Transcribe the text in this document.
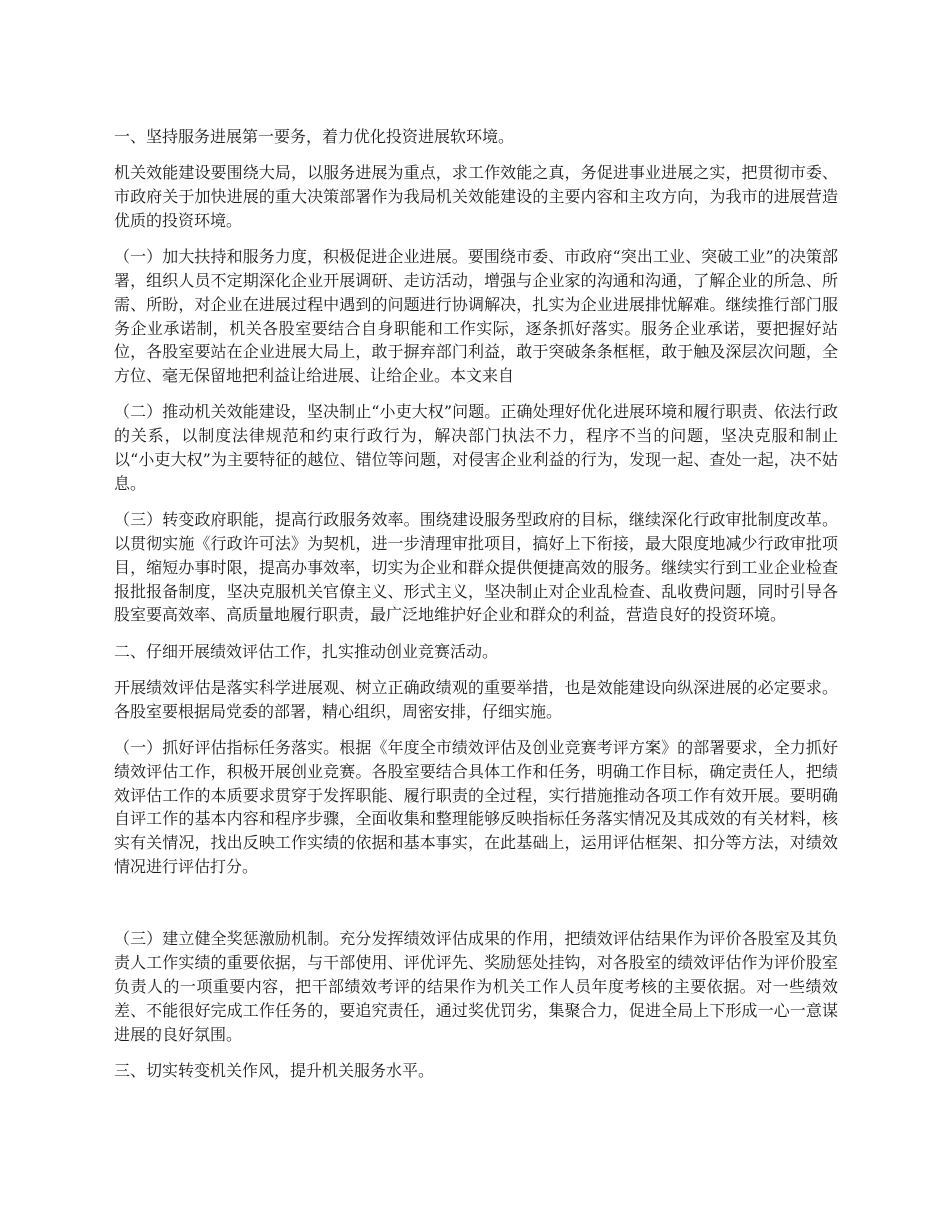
一、坚持服务进展第一要务，着力优化投资进展软环境。

机关效能建设要围绕大局，以服务进展为重点，求工作效能之真，务促进事业进展之实，把贯彻市委、市政府关于加快进展的重大决策部署作为我局机关效能建设的主要内容和主攻方向，为我市的进展营造优质的投资环境。

（一）加大扶持和服务力度，积极促进企业进展。要围绕市委、市政府“突出工业、突破工业”的决策部署，组织人员不定期深化企业开展调研、走访活动，增强与企业家的沟通和沟通，了解企业的所急、所需、所盼，对企业在进展过程中遇到的问题进行协调解决，扎实为企业进展排忧解难。继续推行部门服务企业承诺制，机关各股室要结合自身职能和工作实际，逐条抓好落实。服务企业承诺，要把握好站位，各股室要站在企业进展大局上，敢于摒弃部门利益，敢于突破条条框框，敢于触及深层次问题，全方位、毫无保留地把利益让给进展、让给企业。本文来自

（二）推动机关效能建设，坚决制止“小吏大权”问题。正确处理好优化进展环境和履行职责、依法行政的关系，以制度法律规范和约束行政行为，解决部门执法不力，程序不当的问题，坚决克服和制止以“小吏大权”为主要特征的越位、错位等问题，对侵害企业利益的行为，发现一起、查处一起，决不姑息。

（三）转变政府职能，提高行政服务效率。围绕建设服务型政府的目标，继续深化行政审批制度改革。以贯彻实施《行政许可法》为契机，进一步清理审批项目，搞好上下衔接，最大限度地减少行政审批项目，缩短办事时限，提高办事效率，切实为企业和群众提供便捷高效的服务。继续实行到工业企业检查报批报备制度，坚决克服机关官僚主义、形式主义，坚决制止对企业乱检查、乱收费问题，同时引导各股室要高效率、高质量地履行职责，最广泛地维护好企业和群众的利益，营造良好的投资环境。

二、仔细开展绩效评估工作，扎实推动创业竞赛活动。

开展绩效评估是落实科学进展观、树立正确政绩观的重要举措，也是效能建设向纵深进展的必定要求。各股室要根据局党委的部署，精心组织，周密安排，仔细实施。

（一）抓好评估指标任务落实。根据《年度全市绩效评估及创业竞赛考评方案》的部署要求，全力抓好绩效评估工作，积极开展创业竞赛。各股室要结合具体工作和任务，明确工作目标，确定责任人，把绩效评估工作的本质要求贯穿于发挥职能、履行职责的全过程，实行措施推动各项工作有效开展。要明确自评工作的基本内容和程序步骤，全面收集和整理能够反映指标任务落实情况及其成效的有关材料，核实有关情况，找出反映工作实绩的依据和基本事实，在此基础上，运用评估框架、扣分等方法，对绩效情况进行评估打分。

（三）建立健全奖惩激励机制。充分发挥绩效评估成果的作用，把绩效评估结果作为评价各股室及其负责人工作实绩的重要依据，与干部使用、评优评先、奖励惩处挂钩，对各股室的绩效评估作为评价股室负责人的一项重要内容，把干部绩效考评的结果作为机关工作人员年度考核的主要依据。对一些绩效差、不能很好完成工作任务的，要追究责任，通过奖优罚劣，集聚合力，促进全局上下形成一心一意谋进展的良好氛围。

三、切实转变机关作风，提升机关服务水平。
